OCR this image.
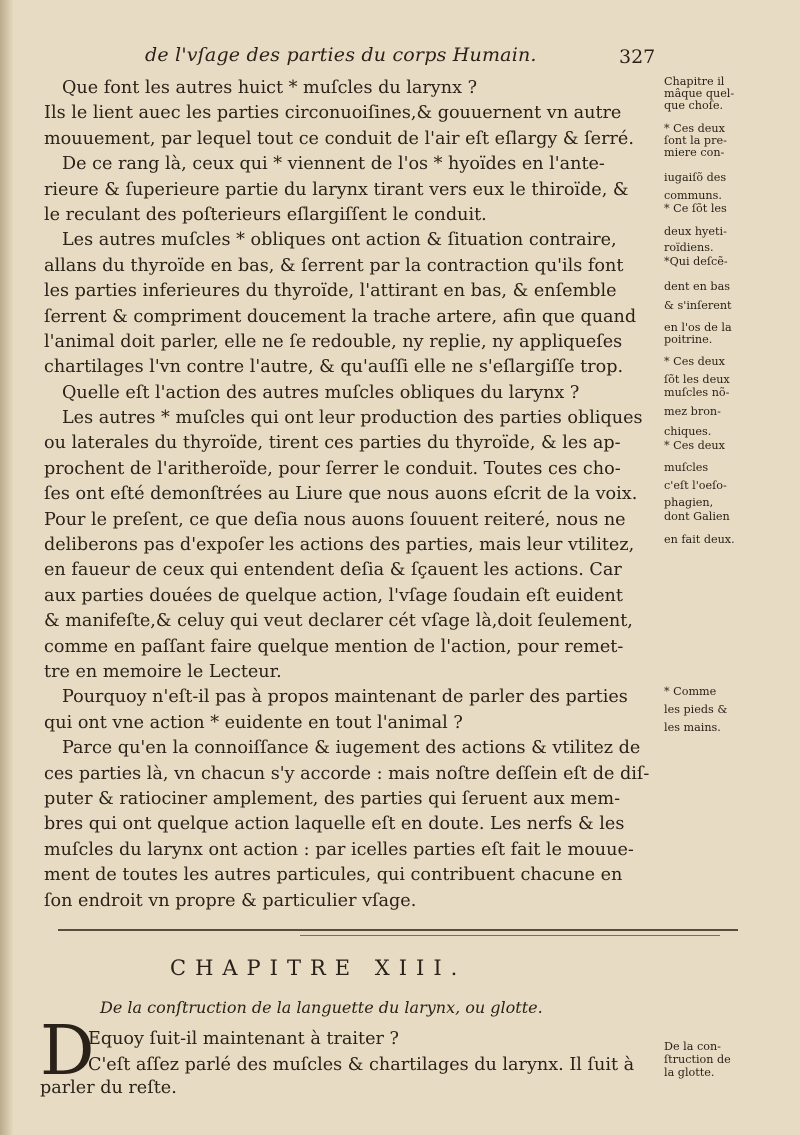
de l'vſage des parties du corps Humain.	327
Que font les autres huict * muſcles du larynx ?
Ils le lient auec les parties circonuoiſines,& gouuernent vn autre
mouuement, par lequel tout ce conduit de l'air eſt eſlargy & ſerré.
De ce rang là, ceux qui * viennent de l'os * hyoïdes en l'ante-
rieure & ſuperieure partie du larynx tirant vers eux le thiroïde, &
le reculant des poſterieurs eſlargiſſent le conduit.
Les autres muſcles * obliques ont action & ſituation contraire,
allans du thyroïde en bas, & ſerrent par la contraction qu'ils font
les parties inferieures du thyroïde, l'attirant en bas, & enſemble
ſerrent & compriment doucement la trache artere, afin que quand
l'animal doit parler, elle ne ſe redouble, ny replie, ny appliqueſes
chartilages l'vn contre l'autre, & qu'auſſi elle ne s'eſlargiſſe trop.
Quelle eſt l'action des autres muſcles obliques du larynx ?
Les autres * muſcles qui ont leur production des parties obliques
ou laterales du thyroïde, tirent ces parties du thyroïde, & les ap-
prochent de l'aritheroïde, pour ſerrer le conduit. Toutes ces cho-
ſes ont eſté demonſtrées au Liure que nous auons eſcrit de la voix.
Pour le preſent, ce que deſia nous auons ſouuent reiteré, nous ne
deliberons pas d'expoſer les actions des parties, mais leur vtilitez,
en faueur de ceux qui entendent deſia & ſçauent les actions. Car
aux parties douées de quelque action, l'vſage ſoudain eſt euident
& manifeſte,& celuy qui veut declarer cét vſage là,doit ſeulement,
comme en paſſant faire quelque mention de l'action, pour remet-
tre en memoire le Lecteur.
Pourquoy n'eſt-il pas à propos maintenant de parler des parties
qui ont vne action * euidente en tout l'animal ?
Parce qu'en la connoiſſance & iugement des actions & vtilitez de
ces parties là, vn chacun s'y accorde : mais noſtre deſſein eſt de diſ-
puter & ratiociner amplement, des parties qui ſeruent aux mem-
bres qui ont quelque action laquelle eſt en doute. Les nerfs & les
muſcles du larynx ont action : par icelles parties eſt fait le mouue-
ment de toutes les autres particules, qui contribuent chacune en
ſon endroit vn propre & particulier vſage.
Chapitre il
mâque quel-
que choſe.
* Ces deux
ſont la pre-
miere con-
iugaiſõ des
communs.
* Ce ſõt les
deux hyeti-
roïdiens.
*Qui deſcẽ-
dent en bas
& s'inſerent
en l'os de la
poitrine.
* Ces deux
ſõt les deux
muſcles nõ-
mez bron-
chiques.
* Ces deux
muſcles
c'eſt l'oeſo-
phagien,
dont Galien
en fait deux.
* Comme
les pieds &
les mains.
CHAPITRE XIII.
De la conſtruction de la languette du larynx, ou glotte.
D
Equoy ſuit-il maintenant à traiter ?
C'eſt aſſez parlé des muſcles & chartilages du larynx. Il ſuit à
parler du reſte.
De la con-
ſtruction de
la glotte.
